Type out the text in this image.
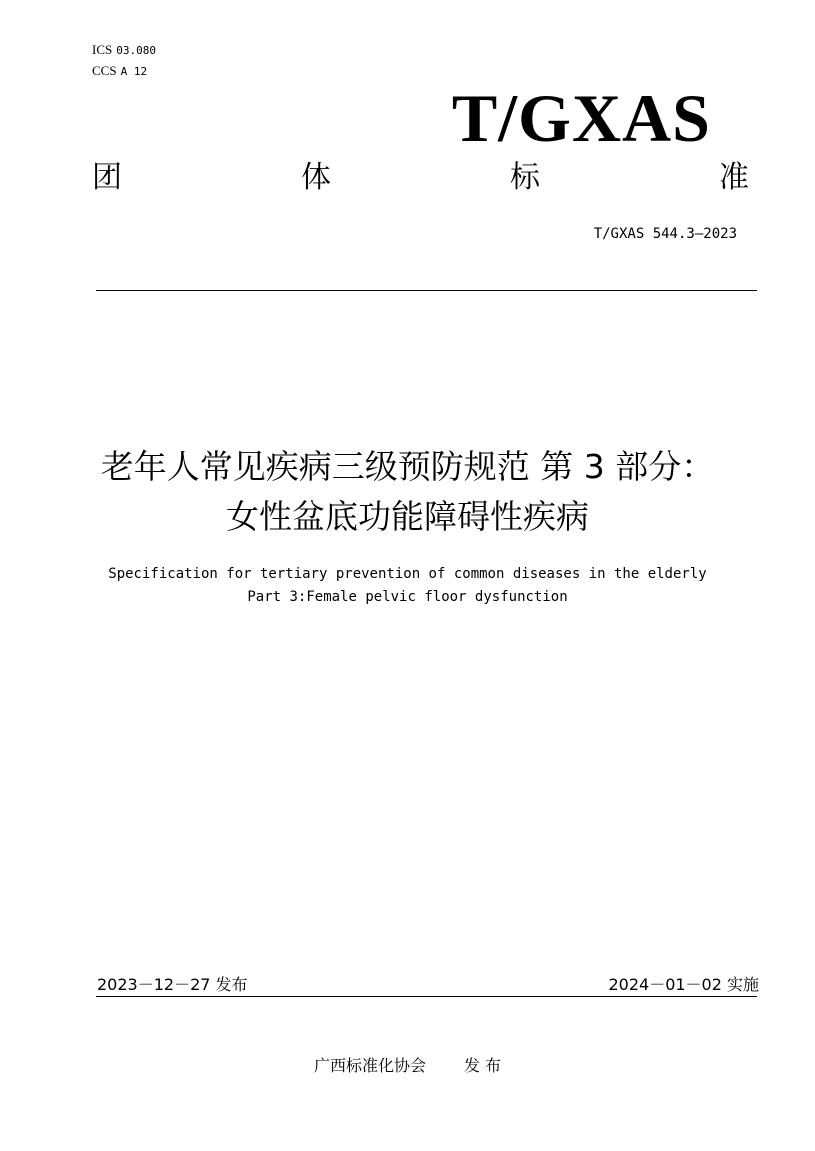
ICS 03.080
CCS A 12
T/GXAS
团	体	标	准
T/GXAS 544.3—2023
老年人常见疾病三级预防规范 第 3 部分：
女性盆底功能障碍性疾病
Specification for tertiary prevention of common diseases in the elderly
Part 3:Female pelvic floor dysfunction
2023－12－27 发布	2024－01－02 实施
广西标准化协会 发 布
